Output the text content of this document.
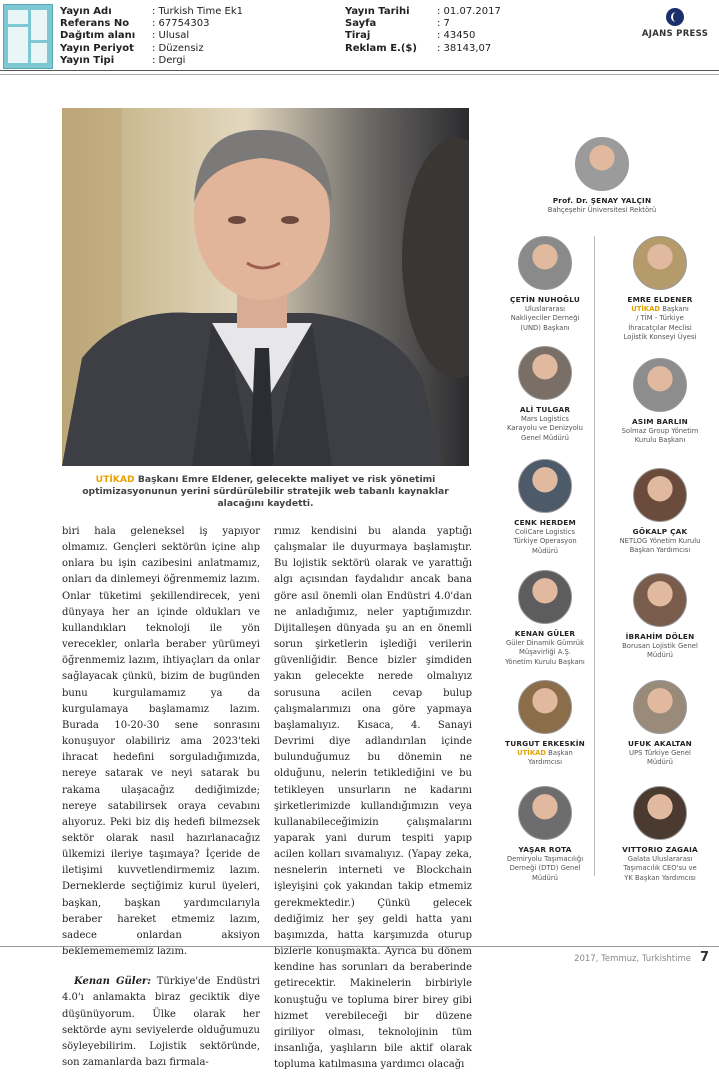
Yayın Adı	: Turkish Time Ek1
Referans No	: 67754303
Dağıtım alanı	: Ulusal
Yayın Periyot	: Düzensiz
Yayın Tipi	: Dergi
Yayın Tarihi	: 01.07.2017
Sayfa	: 7
Tiraj	: 43450
Reklam E.($)	: 38143,07
AJANS PRESS
UTİKAD Başkanı Emre Eldener, gelecekte maliyet ve risk yönetimi optimizasyonunun yerini sürdürülebilir stratejik web tabanlı kaynaklar alacağını kaydetti.

biri hala geleneksel iş yapıyor olmamız. Gençleri sektörün içine alıp onlara bu işin cazibesini anlatmamız, onları da dinlemeyi öğrenmemiz lazım. Onlar tüketimi şekillendirecek, yeni dünyaya her an içinde oldukları ve kullandıkları teknoloji ile yön verecekler, onlarla beraber yürümeyi öğrenmemiz lazım, ihtiyaçları da onlar sağlayacak çünkü, bizim de bugünden bunu kurgulamamız ya da kurgulamaya başlamamız lazım. Burada 10-20-30 sene sonrasını konuşuyor olabiliriz ama 2023'teki ihracat hedefini sorguladığımızda, nereye satarak ve neyi satarak bu rakama ulaşacağız dediğimizde; nereye satabilirsek oraya cevabını alıyoruz. Peki biz diş hedefi bilmezsek sektör olarak nasıl hazırlanacağız ülkemizi ileriye taşımaya? İçeride de iletişimi kuvvetlendirmemiz lazım. Derneklerde seçtiğimiz kurul üyeleri, başkan, başkan yardımcılarıyla beraber hareket etmemiz lazım, sadece onlardan aksiyon beklememememiz lazım.

Kenan Güler: Türkiye'de Endüstri 4.0'ı anlamakta biraz geciktik diye düşünüyorum. Ülke olarak her sektörde aynı seviyelerde olduğumuzu söyleyebilirim. Lojistik sektöründe, son zamanlarda bazı firmala-

rımız kendisini bu alanda yaptığı çalışmalar ile duyurmaya başlamıştır. Bu lojistik sektörü olarak ve yarattığı algı açısından faydalıdır ancak bana göre asıl önemli olan Endüstri 4.0'dan ne anladığımız, neler yaptığımızdır. Dijitalleşen dünyada şu an en önemli sorun şirketlerin işlediği verilerin güvenliğidir. Bence bizler şimdiden yakın gelecekte nerede olmalıyız sorusuna acilen cevap bulup çalışmalarımızı ona göre yapmaya başlamalıyız. Kısaca, 4. Sanayi Devrimi diye adlandırılan içinde bulunduğumuz bu dönemin ne olduğunu, nelerin tetiklediğini ve bu tetikleyen unsurların ne kadarını şirketlerimizde kullandığımızın veya kullanabileceğimizin çalışmalarını yaparak yani durum tespiti yapıp acilen kolları sıvamalıyız. (Yapay zeka, nesnelerin interneti ve Blockchain işleyişini çok yakından takip etmemiz gerekmektedir.) Çünkü gelecek dediğimiz her şey geldi hatta yanı başımızda, hatta karşımızda oturup bizlerle konuşmakta. Ayrıca bu dönem kendine has sorunları da beraberinde getirecektir. Makinelerin birbiriyle konuştuğu ve topluma birer birey gibi hizmet verebileceği bir düzene giriliyor olması, teknolojinin tüm insanlığa, yaşlıların bile aktif olarak topluma katılmasına yardımcı olacağı

Prof. Dr. ŞENAY YALÇIN
Bahçeşehir Üniversitesi Rektörü
ÇETİN NUHOĞLU
Uluslararası
Nakliyeciler Derneği
(UND) Başkanı
EMRE ELDENER
UTİKAD Başkanı
/ TİM - Türkiye
İhracatçılar Meclisi
Lojistik Konseyi Üyesi
ALİ TULGAR
Mars Logistics
Karayolu ve Denizyolu
Genel Müdürü
ASIM BARLIN
Solmaz Group Yönetim
Kurulu Başkanı
CENK HERDEM
ColiCare Logistics
Türkiye Operasyon
Müdürü
GÖKALP ÇAK
NETLOG Yönetim Kurulu
Başkan Yardımcısı
KENAN GÜLER
Güler Dinamik Gümrük
Müşavirliği A.Ş.
Yönetim Kurulu Başkanı
İBRAHİM DÖLEN
Borusan Lojistik Genel
Müdürü
TURGUT ERKESKİN
UTİKAD Başkan
Yardımcısı
UFUK AKALTAN
UPS Türkiye Genel
Müdürü
YAŞAR ROTA
Demiryolu Taşımacılığı
Derneği (DTD) Genel
Müdürü
VITTORIO ZAGAIA
Galata Uluslararası
Taşımacılık CEO'su ve
YK Başkan Yardımcısı
2017, Temmuz, Turkishtime 7
